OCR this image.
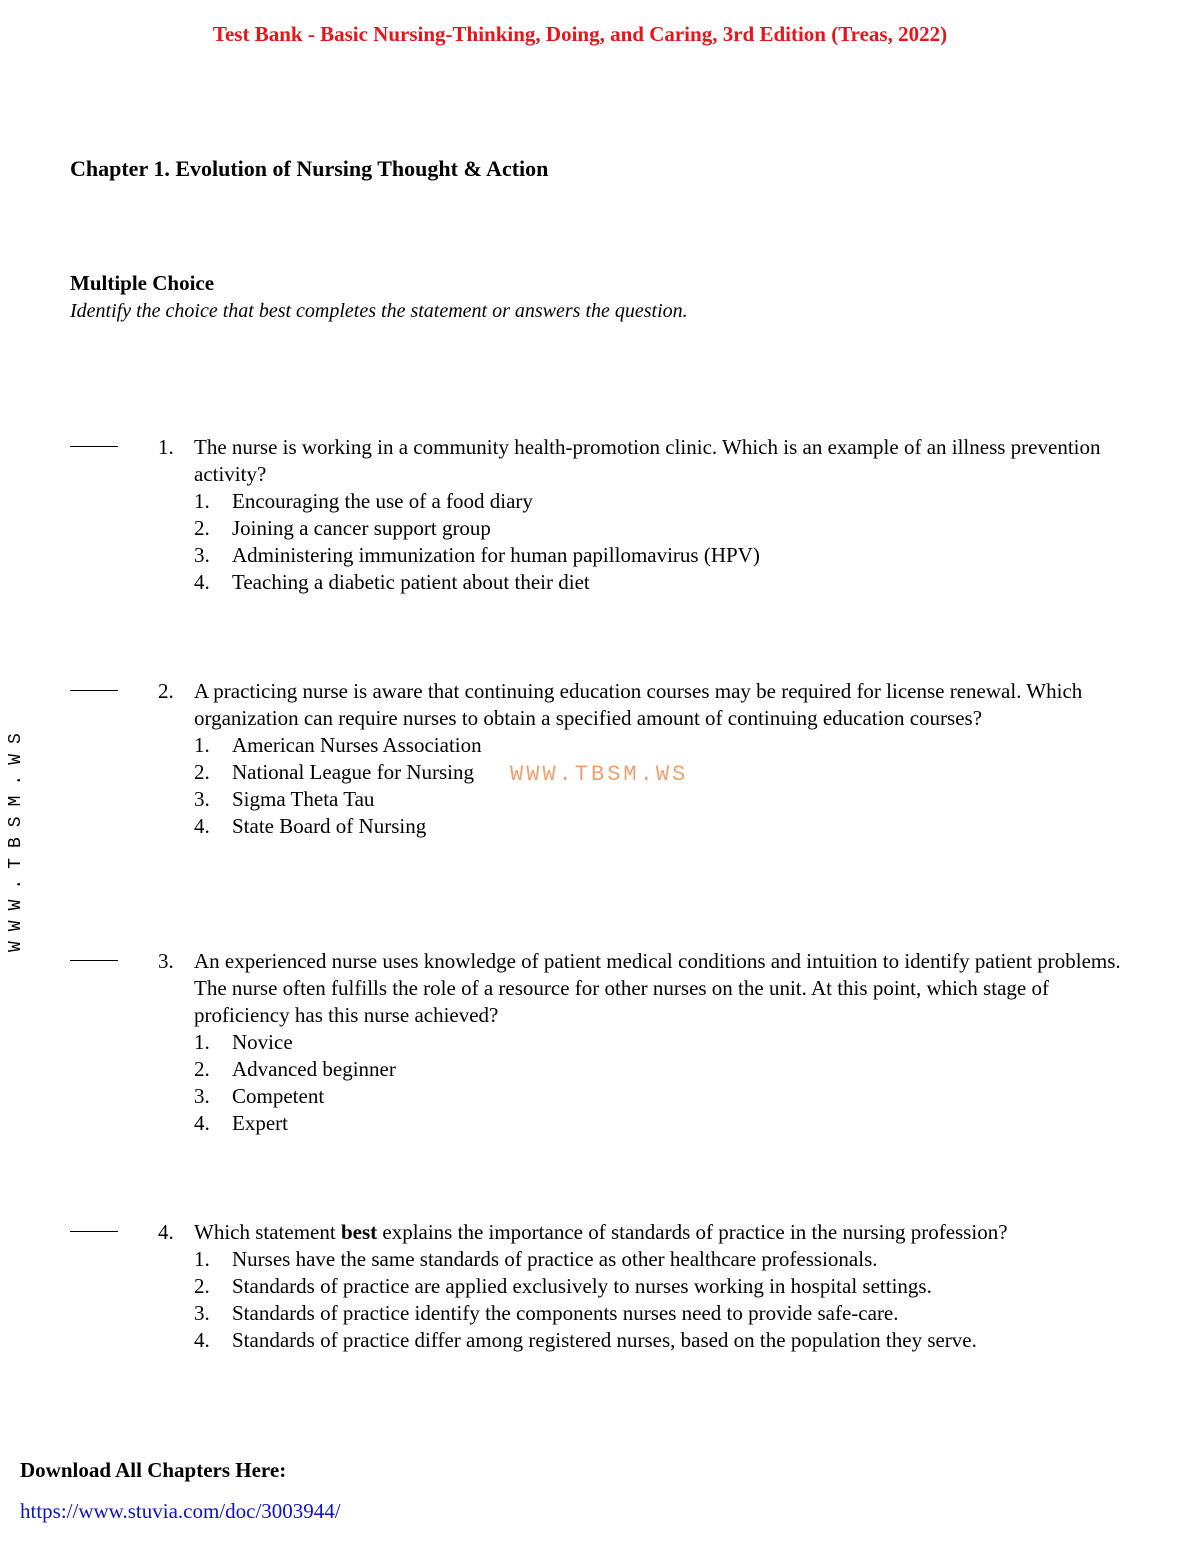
Test Bank - Basic Nursing-Thinking, Doing, and Caring, 3rd Edition (Treas, 2022)
Chapter 1. Evolution of Nursing Thought & Action
Multiple Choice
Identify the choice that best completes the statement or answers the question.
1. The nurse is working in a community health-promotion clinic. Which is an example of an illness prevention activity?
1. Encouraging the use of a food diary
2. Joining a cancer support group
3. Administering immunization for human papillomavirus (HPV)
4. Teaching a diabetic patient about their diet
2. A practicing nurse is aware that continuing education courses may be required for license renewal. Which organization can require nurses to obtain a specified amount of continuing education courses?
1. American Nurses Association
2. National League for Nursing
3. Sigma Theta Tau
4. State Board of Nursing
WWW.TBSM.WS
3. An experienced nurse uses knowledge of patient medical conditions and intuition to identify patient problems. The nurse often fulfills the role of a resource for other nurses on the unit. At this point, which stage of proficiency has this nurse achieved?
1. Novice
2. Advanced beginner
3. Competent
4. Expert
4. Which statement best explains the importance of standards of practice in the nursing profession?
1. Nurses have the same standards of practice as other healthcare professionals.
2. Standards of practice are applied exclusively to nurses working in hospital settings.
3. Standards of practice identify the components nurses need to provide safe-care.
4. Standards of practice differ among registered nurses, based on the population they serve.
WWW.TBSM.WS
Download All Chapters Here:
https://www.stuvia.com/doc/3003944/
